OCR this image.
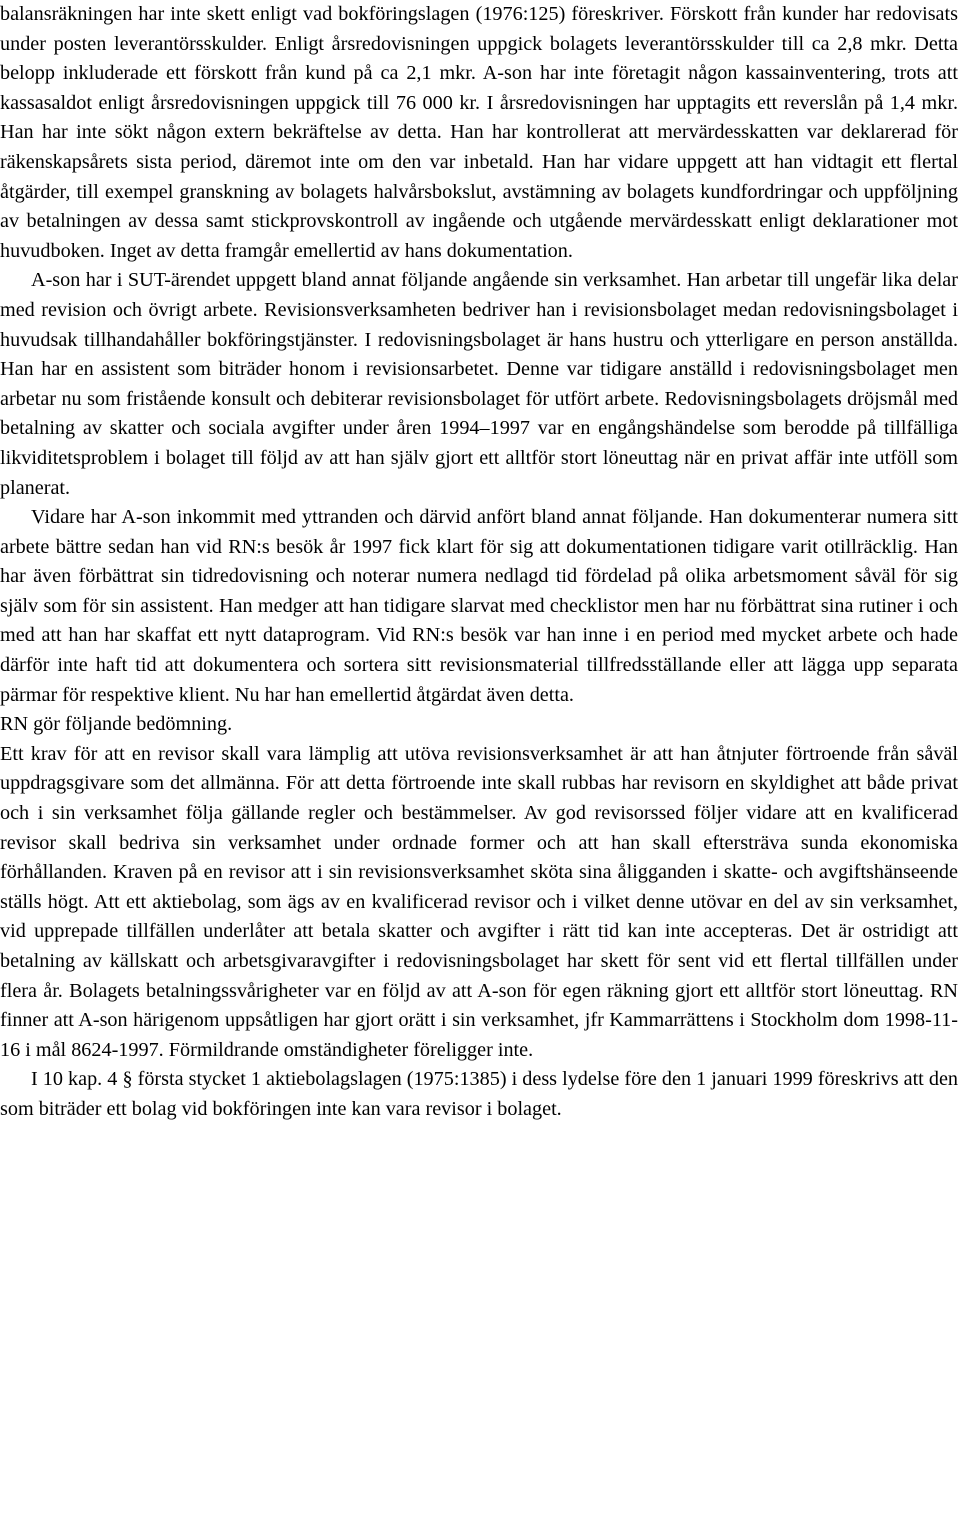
balansräkningen har inte skett enligt vad bokföringslagen (1976:125) föreskriver. Förskott från kunder har redovisats under posten leverantörsskulder. Enligt årsredovisningen uppgick bolagets leverantörsskulder till ca 2,8 mkr. Detta belopp inkluderade ett förskott från kund på ca 2,1 mkr. A-son har inte företagit någon kassainventering, trots att kassasaldot enligt årsredovisningen uppgick till 76 000 kr. I årsredovisningen har upptagits ett reverslån på 1,4 mkr. Han har inte sökt någon extern bekräftelse av detta. Han har kontrollerat att mervärdesskatten var deklarerad för räkenskapsårets sista period, däremot inte om den var inbetald. Han har vidare uppgett att han vidtagit ett flertal åtgärder, till exempel granskning av bolagets halvårsbokslut, avstämning av bolagets kundfordringar och uppföljning av betalningen av dessa samt stickprovskontroll av ingående och utgående mervärdesskatt enligt deklarationer mot huvudboken. Inget av detta framgår emellertid av hans dokumentation.

A-son har i SUT-ärendet uppgett bland annat följande angående sin verksamhet. Han arbetar till ungefär lika delar med revision och övrigt arbete. Revisionsverksamheten bedriver han i revisionsbolaget medan redovisningsbolaget i huvudsak tillhandahåller bokföringstjänster. I redovisningsbolaget är hans hustru och ytterligare en person anställda. Han har en assistent som biträder honom i revisionsarbetet. Denne var tidigare anställd i redovisningsbolaget men arbetar nu som fristående konsult och debiterar revisionsbolaget för utfört arbete. Redovisningsbolagets dröjsmål med betalning av skatter och sociala avgifter under åren 1994–1997 var en engångshändelse som berodde på tillfälliga likviditetsproblem i bolaget till följd av att han själv gjort ett alltför stort löneuttag när en privat affär inte utföll som planerat.

Vidare har A-son inkommit med yttranden och därvid anfört bland annat följande. Han dokumenterar numera sitt arbete bättre sedan han vid RN:s besök år 1997 fick klart för sig att dokumentationen tidigare varit otillräcklig. Han har även förbättrat sin tidredovisning och noterar numera nedlagd tid fördelad på olika arbetsmoment såväl för sig själv som för sin assistent. Han medger att han tidigare slarvat med checklistor men har nu förbättrat sina rutiner i och med att han har skaffat ett nytt dataprogram. Vid RN:s besök var han inne i en period med mycket arbete och hade därför inte haft tid att dokumentera och sortera sitt revisionsmaterial tillfredsställande eller att lägga upp separata pärmar för respektive klient. Nu har han emellertid åtgärdat även detta.

RN gör följande bedömning.

Ett krav för att en revisor skall vara lämplig att utöva revisionsverksamhet är att han åtnjuter förtroende från såväl uppdragsgivare som det allmänna. För att detta förtroende inte skall rubbas har revisorn en skyldighet att både privat och i sin verksamhet följa gällande regler och bestämmelser. Av god revisorssed följer vidare att en kvalificerad revisor skall bedriva sin verksamhet under ordnade former och att han skall eftersträva sunda ekonomiska förhållanden. Kraven på en revisor att i sin revisionsverksamhet sköta sina åligganden i skatte- och avgiftshänseende ställs högt. Att ett aktiebolag, som ägs av en kvalificerad revisor och i vilket denne utövar en del av sin verksamhet, vid upprepade tillfällen underlåter att betala skatter och avgifter i rätt tid kan inte accepteras. Det är ostridigt att betalning av källskatt och arbetsgivaravgifter i redovisningsbolaget har skett för sent vid ett flertal tillfällen under flera år. Bolagets betalningssvårigheter var en följd av att A-son för egen räkning gjort ett alltför stort löneuttag. RN finner att A-son härigenom uppsåtligen har gjort orätt i sin verksamhet, jfr Kammarrättens i Stockholm dom 1998-11-16 i mål 8624-1997. Förmildrande omständigheter föreligger inte.

I 10 kap. 4 § första stycket 1 aktiebolagslagen (1975:1385) i dess lydelse före den 1 januari 1999 föreskrivs att den som biträder ett bolag vid bokföringen inte kan vara revisor i bolaget.
